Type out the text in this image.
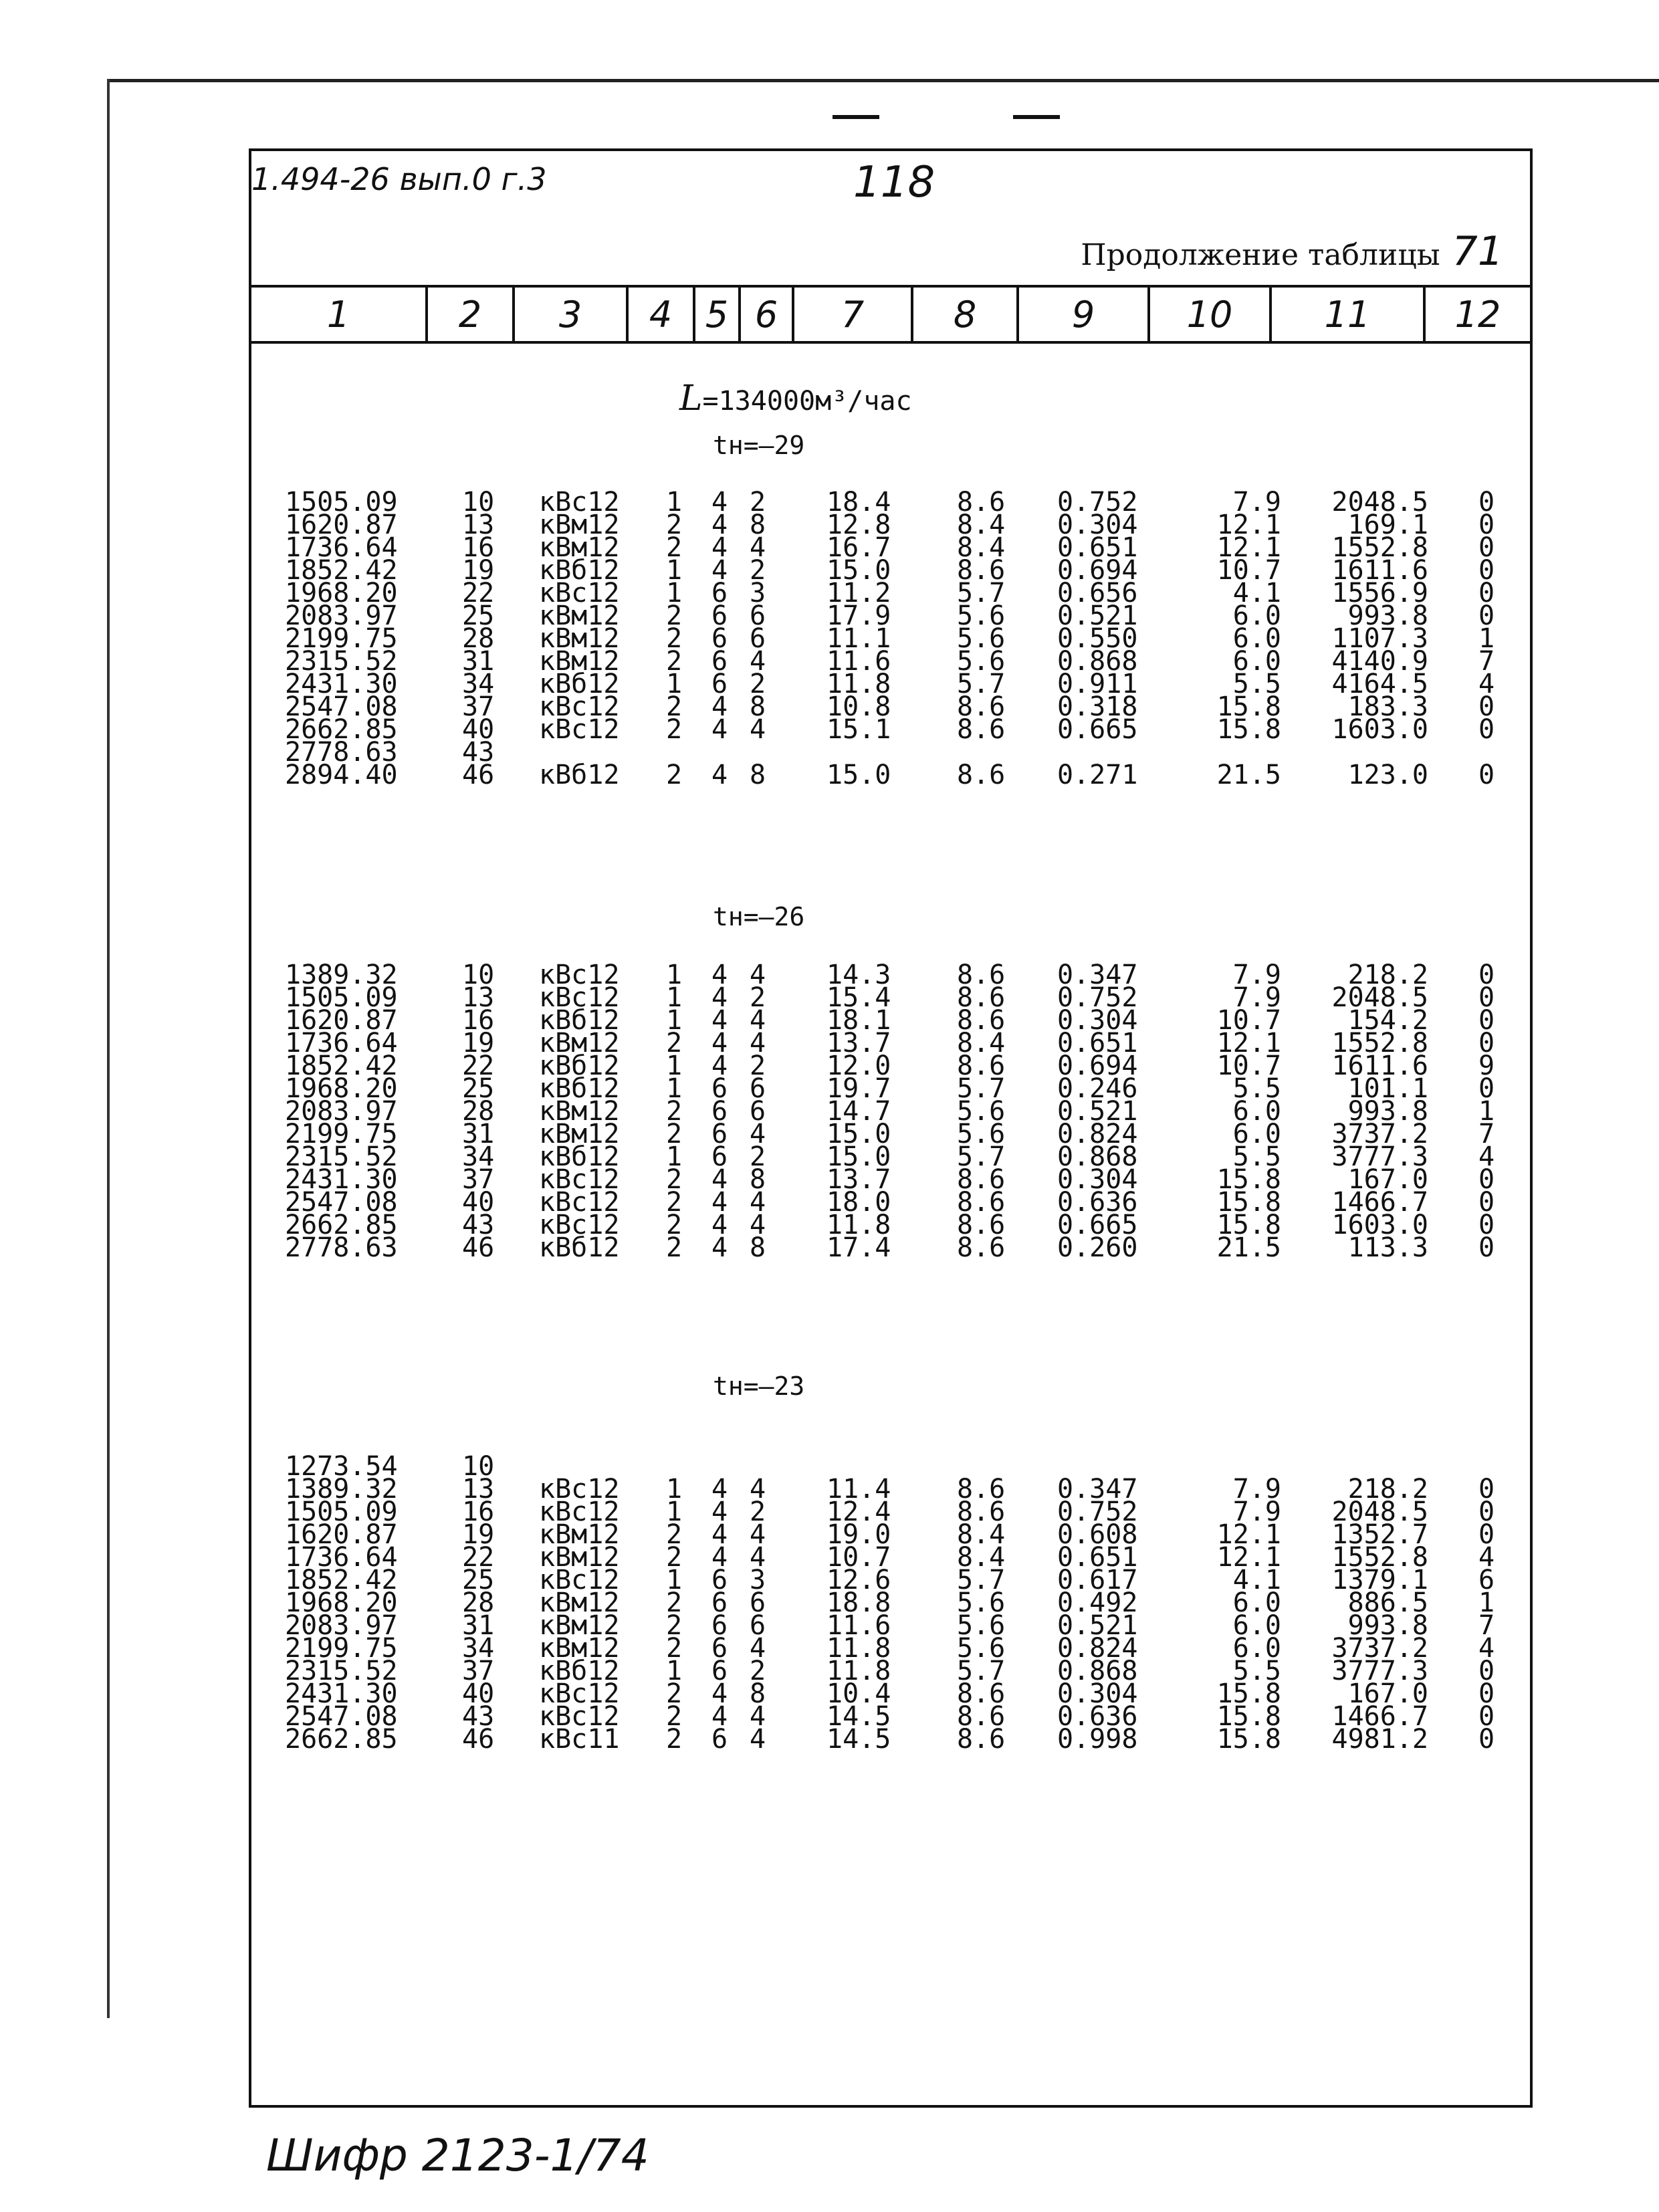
1.494-26 вып.0 г.3	118
Продолжение таблицы 71
1	2	3	4 5 6	7	8	9	10	11	12
L=134000м³/час
tн=–29
1505.09 10 кВс12 1 4 2 18.4 8.6 0.752	7.9	2048.5 0
1620.87 13 кВм12 2 4 8 12.8 8.4 0.304	12.1	169.1 0
1736.64 16 кВм12 2 4 4 16.7 8.4 0.651	12.1	1552.8 0
1852.42 19 кВб12 1 4 2 15.0 8.6 0.694	10.7	1611.6 0
1968.20 22 кВс12 1 6 3 11.2 5.7 0.656	4.1	1556.9 0
2083.97 25 кВм12 2 6 6 17.9 5.6 0.521	6.0	993.8 0
2199.75 28 кВм12 2 6 6 11.1 5.6 0.550	6.0	1107.3 1
2315.52 31 кВм12 2 6 4 11.6 5.6 0.868	6.0	4140.9 7
2431.30 34 кВб12 1 6 2 11.8 5.7 0.911	5.5	4164.5 4
2547.08 37 кВс12 2 4 8 10.8 8.6 0.318	15.8	183.3 0
2662.85 40 кВс12 2 4 4 15.1 8.6 0.665	15.8	1603.0 0
2778.63 43
2894.40 46 кВб12 2 4 8 15.0 8.6 0.271	21.5	123.0 0
tн=–26
1389.32 10 кВс12 1 4 4 14.3 8.6 0.347	7.9	218.2 0
1505.09 13 кВс12 1 4 2 15.4 8.6 0.752	7.9	2048.5 0
1620.87 16 кВб12 1 4 4 18.1 8.6 0.304	10.7	154.2 0
1736.64 19 кВм12 2 4 4 13.7 8.4 0.651	12.1	1552.8 0
1852.42 22 кВб12 1 4 2 12.0 8.6 0.694	10.7	1611.6 9
1968.20 25 кВб12 1 6 6 19.7 5.7 0.246	5.5	101.1 0
2083.97 28 кВм12 2 6 6 14.7 5.6 0.521	6.0	993.8 1
2199.75 31 кВм12 2 6 4 15.0 5.6 0.824	6.0	3737.2 7
2315.52 34 кВб12 1 6 2 15.0 5.7 0.868	5.5	3777.3 4
2431.30 37 кВс12 2 4 8 13.7 8.6 0.304	15.8	167.0 0
2547.08 40 кВс12 2 4 4 18.0 8.6 0.636	15.8	1466.7 0
2662.85 43 кВс12 2 4 4 11.8 8.6 0.665	15.8	1603.0 0
2778.63 46 кВб12 2 4 8 17.4 8.6 0.260	21.5	113.3 0
tн=–23
1273.54 10
1389.32 13 кВс12 1 4 4 11.4 8.6 0.347	7.9	218.2 0
1505.09 16 кВс12 1 4 2 12.4 8.6 0.752	7.9	2048.5 0
1620.87 19 кВм12 2 4 4 19.0 8.4 0.608	12.1	1352.7 0
1736.64 22 кВм12 2 4 4 10.7 8.4 0.651	12.1	1552.8 4
1852.42 25 кВс12 1 6 3 12.6 5.7 0.617	4.1	1379.1 6
1968.20 28 кВм12 2 6 6 18.8 5.6 0.492	6.0	886.5 1
2083.97 31 кВм12 2 6 6 11.6 5.6 0.521	6.0	993.8 7
2199.75 34 кВм12 2 6 4 11.8 5.6 0.824	6.0	3737.2 4
2315.52 37 кВб12 1 6 2 11.8 5.7 0.868	5.5	3777.3 0
2431.30 40 кВс12 2 4 8 10.4 8.6 0.304	15.8	167.0 0
2547.08 43 кВс12 2 4 4 14.5 8.6 0.636	15.8	1466.7 0
2662.85 46 кВс11 2 6 4 14.5 8.6 0.998	15.8	4981.2 0
Шифр 2123-1/74
